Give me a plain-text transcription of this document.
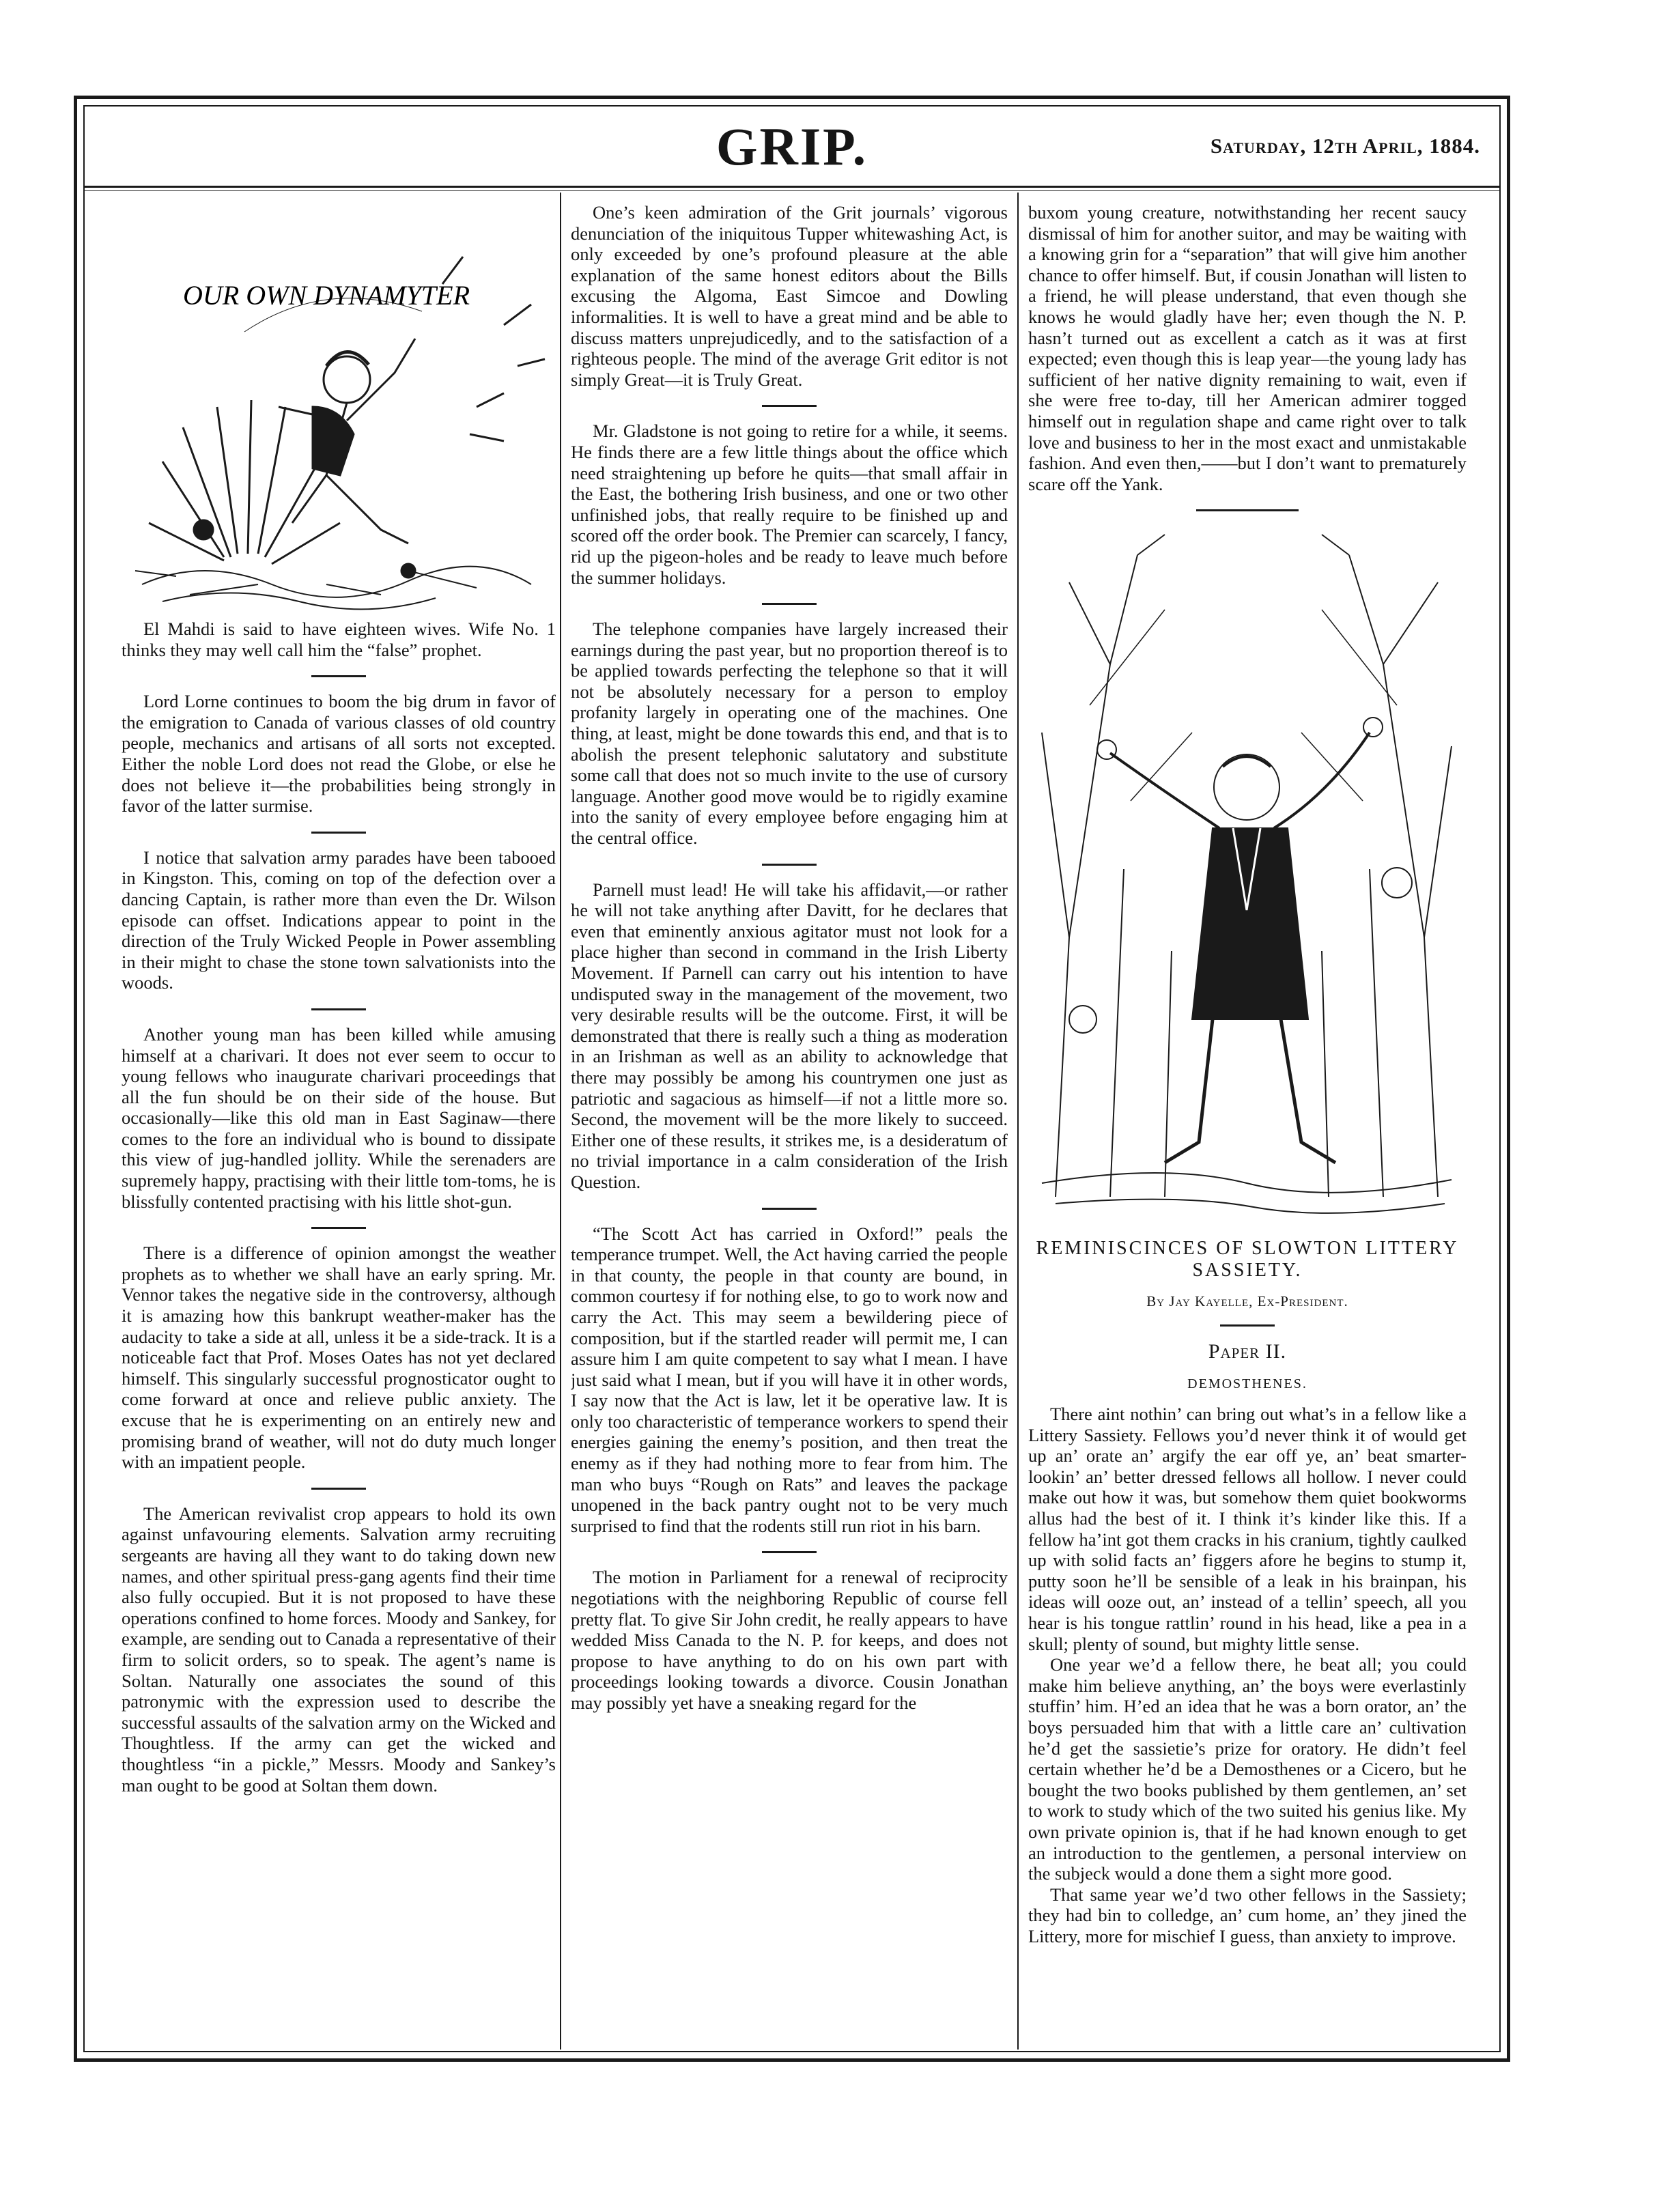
GRIP.	Saturday, 12th April, 1884.
OUR OWN DYNAMYTER

El Mahdi is said to have eighteen wives. Wife No. 1 thinks they may well call him the “false” prophet.

Lord Lorne continues to boom the big drum in favor of the emigration to Canada of various classes of old country people, mechanics and artisans of all sorts not excepted. Either the noble Lord does not read the Globe, or else he does not believe it—the probabilities being strongly in favor of the latter surmise.

I notice that salvation army parades have been tabooed in Kingston. This, coming on top of the defection over a dancing Captain, is rather more than even the Dr. Wilson episode can offset. Indications appear to point in the direction of the Truly Wicked People in Power assembling in their might to chase the stone town salvationists into the woods.

Another young man has been killed while amusing himself at a charivari. It does not ever seem to occur to young fellows who inaugurate charivari proceedings that all the fun should be on their side of the house. But occasionally—like this old man in East Saginaw—there comes to the fore an individual who is bound to dissipate this view of jug-handled jollity. While the serenaders are supremely happy, practising with their little tom-toms, he is blissfully contented practising with his little shot-gun.

There is a difference of opinion amongst the weather prophets as to whether we shall have an early spring. Mr. Vennor takes the negative side in the controversy, although it is amazing how this bankrupt weather-maker has the audacity to take a side at all, unless it be a side-track. It is a noticeable fact that Prof. Moses Oates has not yet declared himself. This singularly successful prognosticator ought to come forward at once and relieve public anxiety. The excuse that he is experimenting on an entirely new and promising brand of weather, will not do duty much longer with an impatient people.

The American revivalist crop appears to hold its own against unfavouring elements. Salvation army recruiting sergeants are having all they want to do taking down new names, and other spiritual press-gang agents find their time also fully occupied. But it is not proposed to have these operations confined to home forces. Moody and Sankey, for example, are sending out to Canada a representative of their firm to solicit orders, so to speak. The agent’s name is Soltan. Naturally one associates the sound of this patronymic with the expression used to describe the successful assaults of the salvation army on the Wicked and Thoughtless. If the army can get the wicked and thoughtless “in a pickle,” Messrs. Moody and Sankey’s man ought to be good at Soltan them down.

One’s keen admiration of the Grit journals’ vigorous denunciation of the iniquitous Tupper whitewashing Act, is only exceeded by one’s profound pleasure at the able explanation of the same honest editors about the Bills excusing the Algoma, East Simcoe and Dowling informalities. It is well to have a great mind and be able to discuss matters unprejudicedly, and to the satisfaction of a righteous people. The mind of the average Grit editor is not simply Great—it is Truly Great.

Mr. Gladstone is not going to retire for a while, it seems. He finds there are a few little things about the office which need straightening up before he quits—that small affair in the East, the bothering Irish business, and one or two other unfinished jobs, that really require to be finished up and scored off the order book. The Premier can scarcely, I fancy, rid up the pigeon-holes and be ready to leave much before the summer holidays.

The telephone companies have largely increased their earnings during the past year, but no proportion thereof is to be applied towards perfecting the telephone so that it will not be absolutely necessary for a person to employ profanity largely in operating one of the machines. One thing, at least, might be done towards this end, and that is to abolish the present telephonic salutatory and substitute some call that does not so much invite to the use of cursory language. Another good move would be to rigidly examine into the sanity of every employee before engaging him at the central office.

Parnell must lead! He will take his affidavit,—or rather he will not take anything after Davitt, for he declares that even that eminently anxious agitator must not look for a place higher than second in command in the Irish Liberty Movement. If Parnell can carry out his intention to have undisputed sway in the management of the movement, two very desirable results will be the outcome. First, it will be demonstrated that there is really such a thing as moderation in an Irishman as well as an ability to acknowledge that there may possibly be among his countrymen one just as patriotic and sagacious as himself—if not a little more so. Second, the movement will be the more likely to succeed. Either one of these results, it strikes me, is a desideratum of no trivial importance in a calm consideration of the Irish Question.

“The Scott Act has carried in Oxford!” peals the temperance trumpet. Well, the Act having carried the people in that county, the people in that county are bound, in common courtesy if for nothing else, to go to work now and carry the Act. This may seem a bewildering piece of composition, but if the startled reader will permit me, I can assure him I am quite competent to say what I mean. I have just said what I mean, but if you will have it in other words, I say now that the Act is law, let it be operative law. It is only too characteristic of temperance workers to spend their energies gaining the enemy’s position, and then treat the enemy as if they had nothing more to fear from him. The man who buys “Rough on Rats” and leaves the package unopened in the back pantry ought not to be very much surprised to find that the rodents still run riot in his barn.

The motion in Parliament for a renewal of reciprocity negotiations with the neighboring Republic of course fell pretty flat. To give Sir John credit, he really appears to have wedded Miss Canada to the N. P. for keeps, and does not propose to have anything to do on his own part with proceedings looking towards a divorce. Cousin Jonathan may possibly yet have a sneaking regard for the

buxom young creature, notwithstanding her recent saucy dismissal of him for another suitor, and may be waiting with a knowing grin for a “separation” that will give him another chance to offer himself. But, if cousin Jonathan will listen to a friend, he will please understand, that even though she knows he would gladly have her; even though the N. P. hasn’t turned out as excellent a catch as it was at first expected; even though this is leap year—the young lady has sufficient of her native dignity remaining to wait, even if she were free to-day, till her American admirer togged himself out in regulation shape and came right over to talk love and business to her in the most exact and unmistakable fashion. And even then,——but I don’t want to prematurely scare off the Yank.

REMINISCINCES OF SLOWTON LITTERY SASSIETY.
By Jay Kayelle, Ex-President.
Paper II.
DEMOSTHENES.

There aint nothin’ can bring out what’s in a fellow like a Littery Sassiety. Fellows you’d never think it of would get up an’ orate an’ argify the ear off ye, an’ beat smarter-lookin’ an’ better dressed fellows all hollow. I never could make out how it was, but somehow them quiet bookworms allus had the best of it. I think it’s kinder like this. If a fellow ha’int got them cracks in his cranium, tightly caulked up with solid facts an’ figgers afore he begins to stump it, putty soon he’ll be sensible of a leak in his brainpan, his ideas will ooze out, an’ instead of a tellin’ speech, all you hear is his tongue rattlin’ round in his head, like a pea in a skull; plenty of sound, but mighty little sense.

One year we’d a fellow there, he beat all; you could make him believe anything, an’ the boys were everlastinly stuffin’ him. H’ed an idea that he was a born orator, an’ the boys persuaded him that with a little care an’ cultivation he’d get the sassietie’s prize for oratory. He didn’t feel certain whether he’d be a Demosthenes or a Cicero, but he bought the two books published by them gentlemen, an’ set to work to study which of the two suited his genius like. My own private opinion is, that if he had known enough to get an introduction to the gentlemen, a personal interview on the subjeck would a done them a sight more good.

That same year we’d two other fellows in the Sassiety; they had bin to colledge, an’ cum home, an’ they jined the Littery, more for mischief I guess, than anxiety to improve.
